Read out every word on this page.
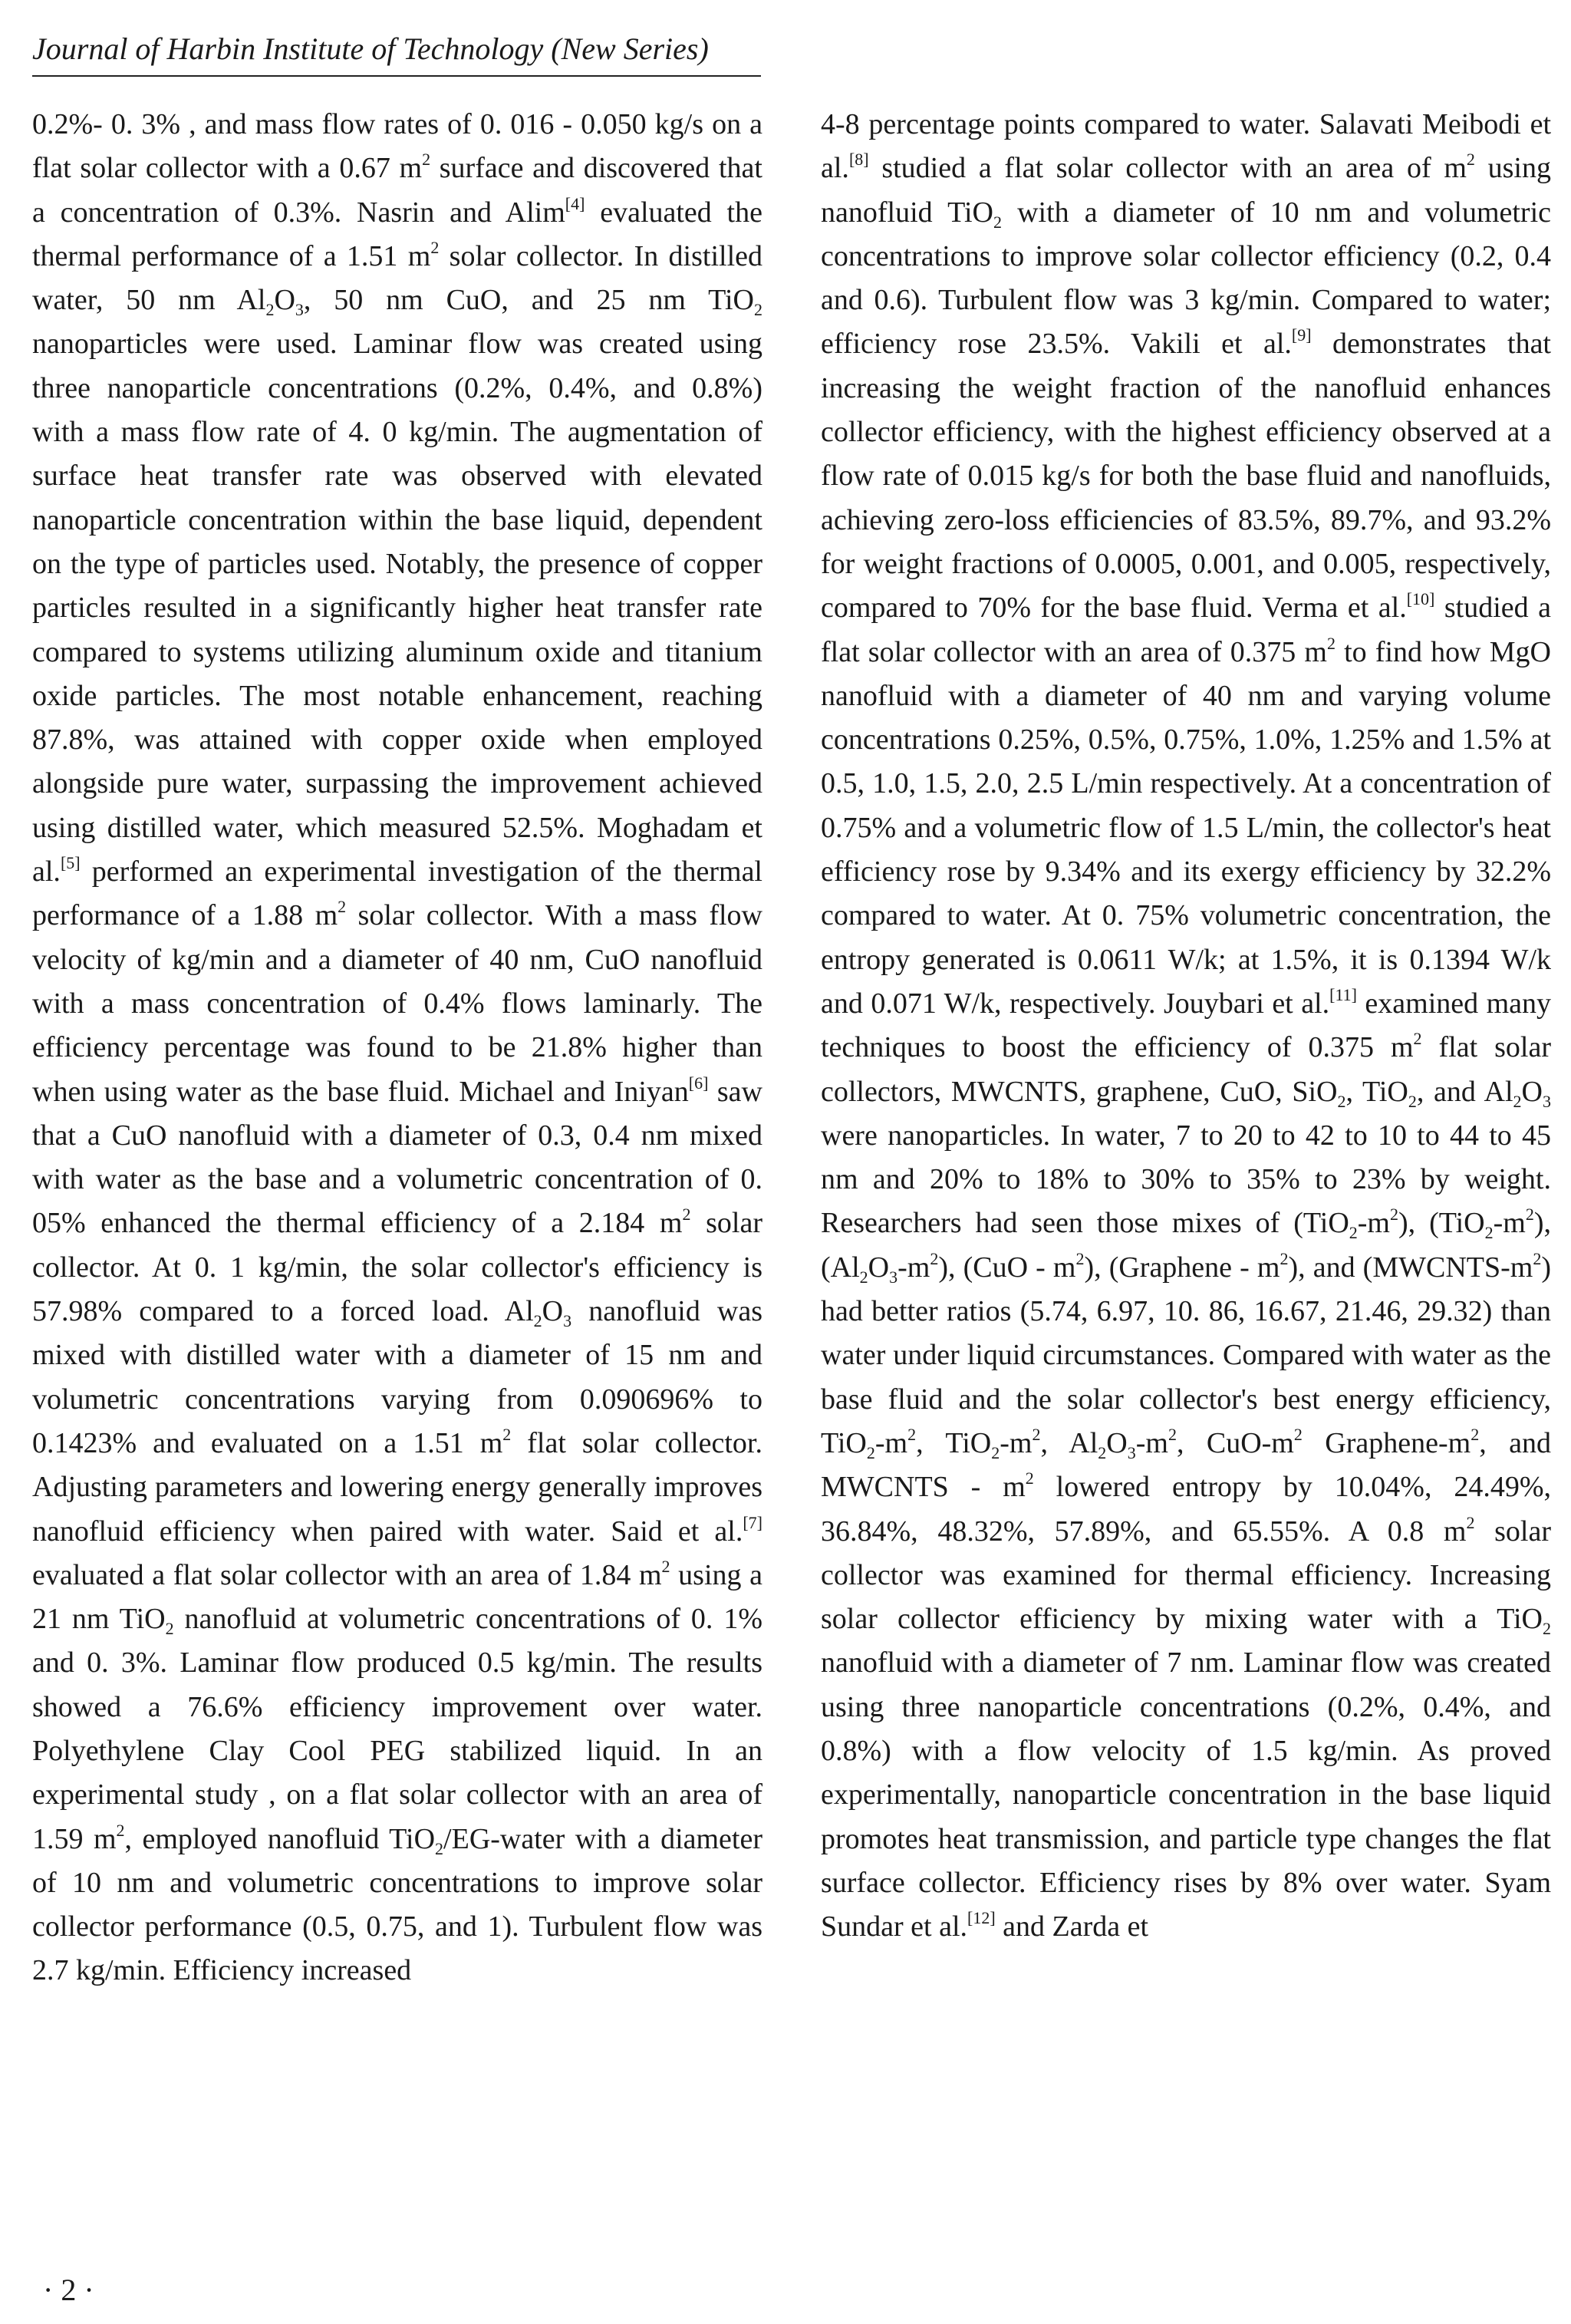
Journal of Harbin Institute of Technology (New Series)

0.2%- 0. 3% , and mass flow rates of 0. 016 - 0.050 kg/s on a flat solar collector with a 0.67 $m^2$ surface and discovered that a concentration of 0.3%. Nasrin and Alim[4] evaluated the thermal performance of a 1.51 $m^2$ solar collector. In distilled water, 50 nm $Al_2O_3$, 50 nm CuO, and 25 nm TiO$_2$ nanoparticles were used. Laminar flow was created using three nanoparticle concentrations (0.2%, 0.4%, and 0.8%) with a mass flow rate of 4. 0 kg/min. The augmentation of surface heat transfer rate was observed with elevated nanoparticle concentration within the base liquid, dependent on the type of particles used. Notably, the presence of copper particles resulted in a significantly higher heat transfer rate compared to systems utilizing aluminum oxide and titanium oxide particles. The most notable enhancement, reaching 87.8%, was attained with copper oxide when employed alongside pure water, surpassing the improvement achieved using distilled water, which measured 52.5%. Moghadam et al.[5] performed an experimental investigation of the thermal performance of a 1.88 $m^2$ solar collector. With a mass flow velocity of kg/min and a diameter of 40 nm, CuO nanofluid with a mass concentration of 0.4% flows laminarly. The efficiency percentage was found to be 21.8% higher than when using water as the base fluid. Michael and Iniyan[6] saw that a CuO nanofluid with a diameter of 0.3, 0.4 nm mixed with water as the base and a volumetric concentration of 0. 05% enhanced the thermal efficiency of a 2.184 $m^2$ solar collector. At 0. 1 kg/min, the solar collector's efficiency is 57.98% compared to a forced load. $Al_2O_3$ nanofluid was mixed with distilled water with a diameter of 15 nm and volumetric concentrations varying from 0.090696% to 0.1423% and evaluated on a 1.51 $m^2$ flat solar collector. Adjusting parameters and lowering energy generally improves nanofluid efficiency when paired with water. Said et al.[7] evaluated a flat solar collector with an area of 1.84 $m^2$ using a 21 nm TiO$_2$ nanofluid at volumetric concentrations of 0. 1% and 0. 3%. Laminar flow produced 0.5 kg/min. The results showed a 76.6% efficiency improvement over water. Polyethylene Clay Cool PEG stabilized liquid. In an experimental study , on a flat solar collector with an area of 1.59 $m^2$, employed nanofluid TiO$_2$/EG-water with a diameter of 10 nm and volumetric concentrations to improve solar collector performance (0.5, 0.75, and 1). Turbulent flow was 2.7 kg/min. Efficiency increased

4-8 percentage points compared to water. Salavati Meibodi et al.[8] studied a flat solar collector with an area of $m^2$ using nanofluid TiO$_2$ with a diameter of 10 nm and volumetric concentrations to improve solar collector efficiency (0.2, 0.4 and 0.6). Turbulent flow was 3 kg/min. Compared to water; efficiency rose 23.5%. Vakili et al.[9] demonstrates that increasing the weight fraction of the nanofluid enhances collector efficiency, with the highest efficiency observed at a flow rate of 0.015 kg/s for both the base fluid and nanofluids, achieving zero-loss efficiencies of 83.5%, 89.7%, and 93.2% for weight fractions of 0.0005, 0.001, and 0.005, respectively, compared to 70% for the base fluid. Verma et al.[10] studied a flat solar collector with an area of 0.375 $m^2$ to find how MgO nanofluid with a diameter of 40 nm and varying volume concentrations 0.25%, 0.5%, 0.75%, 1.0%, 1.25% and 1.5% at 0.5, 1.0, 1.5, 2.0, 2.5 L/min respectively. At a concentration of 0.75% and a volumetric flow of 1.5 L/min, the collector's heat efficiency rose by 9.34% and its exergy efficiency by 32.2% compared to water. At 0. 75% volumetric concentration, the entropy generated is 0.0611 W/k; at 1.5%, it is 0.1394 W/k and 0.071 W/k, respectively. Jouybari et al.[11] examined many techniques to boost the efficiency of 0.375 $m^2$ flat solar collectors, MWCNTS, graphene, CuO, SiO$_2$, TiO$_2$, and $Al_2O_3$ were nanoparticles. In water, 7 to 20 to 42 to 10 to 44 to 45 nm and 20% to 18% to 30% to 35% to 23% by weight. Researchers had seen those mixes of $(TiO_2-m^2)$, $(TiO_2-m^2)$, $(Al_2O_3-m^2)$, $(CuO - m^2)$, (Graphene - $m^2$), and $(MWCNTS-m^2)$ had better ratios (5.74, 6.97, 10. 86, 16.67, 21.46, 29.32) than water under liquid circumstances. Compared with water as the base fluid and the solar collector's best energy efficiency, $TiO_2-m^2$, $TiO_2-m^2$, $Al_2O_3-m^2$, CuO-$m^2$ Graphene-$m^2$, and MWCNTS - $m^2$ lowered entropy by 10.04%, 24.49%, 36.84%, 48.32%, 57.89%, and 65.55%. A 0.8 $m^2$ solar collector was examined for thermal efficiency. Increasing solar collector efficiency by mixing water with a TiO$_2$ nanofluid with a diameter of 7 nm. Laminar flow was created using three nanoparticle concentrations (0.2%, 0.4%, and 0.8%) with a flow velocity of 1.5 kg/min. As proved experimentally, nanoparticle concentration in the base liquid promotes heat transmission, and particle type changes the flat surface collector. Efficiency rises by 8% over water. Syam Sundar et al.[12] and Zarda et

· 2 ·
